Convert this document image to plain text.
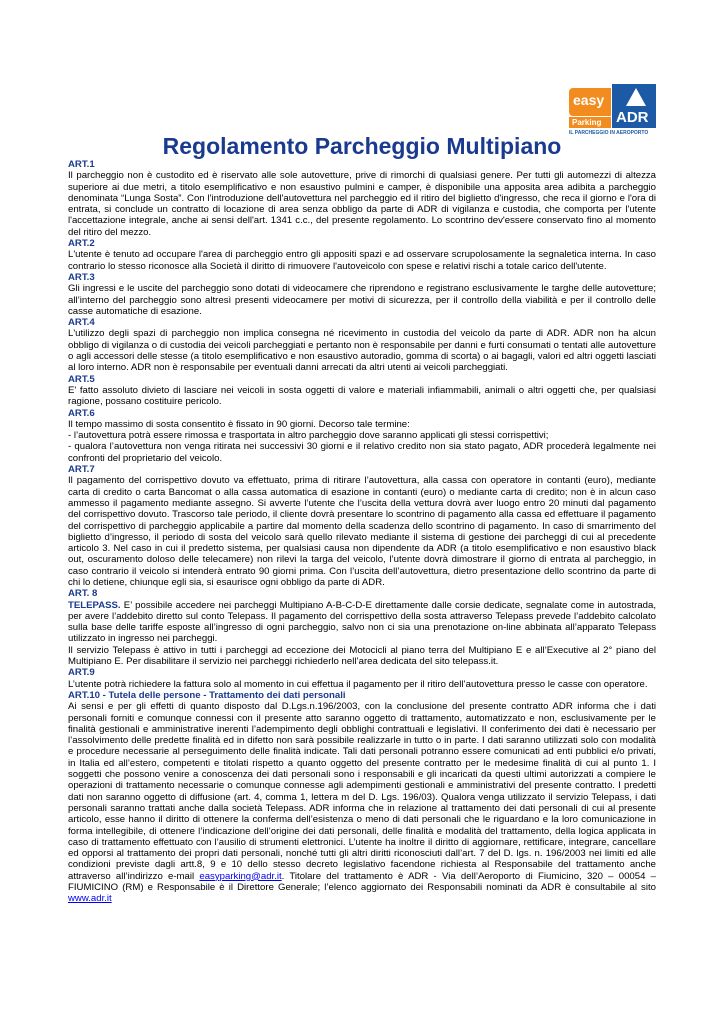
easy
Parking ADR
IL PARCHEGGIO IN AEROPORTO
Regolamento Parcheggio Multipiano

ART.1

Il parcheggio non è custodito ed è riservato alle sole autovetture, prive di rimorchi di qualsiasi genere. Per tutti gli automezzi di altezza superiore ai due metri, a titolo esemplificativo e non esaustivo pulmini e camper, è disponibile una apposita area adibita a parcheggio denominata “Lunga Sosta”. Con l'introduzione dell'autovettura nel parcheggio ed il ritiro del biglietto d'ingresso, che reca il giorno e l'ora di entrata, si conclude un contratto di locazione di area senza obbligo da parte di ADR di vigilanza e custodia, che comporta per l'utente l'accettazione integrale, anche ai sensi dell'art. 1341 c.c., del presente regolamento. Lo scontrino dev'essere conservato fino al momento del ritiro del mezzo.

ART.2

L'utente è tenuto ad occupare l'area di parcheggio entro gli appositi spazi e ad osservare scrupolosamente la segnaletica interna. In caso contrario lo stesso riconosce alla Società il diritto di rimuovere l'autoveicolo con spese e relativi rischi a totale carico dell'utente.

ART.3

Gli ingressi e le uscite del parcheggio sono dotati di videocamere che riprendono e registrano esclusivamente le targhe delle autovetture; all’interno del parcheggio sono altresì presenti videocamere per motivi di sicurezza, per il controllo della viabilità e per il controllo delle casse automatiche di esazione.

ART.4

L'utilizzo degli spazi di parcheggio non implica consegna né ricevimento in custodia del veicolo da parte di ADR. ADR non ha alcun obbligo di vigilanza o di custodia dei veicoli parcheggiati e pertanto non è responsabile per danni e furti consumati o tentati alle autovetture o agli accessori delle stesse (a titolo esemplificativo e non esaustivo autoradio, gomma di scorta) o ai bagagli, valori ed altri oggetti lasciati al loro interno. ADR non è responsabile per eventuali danni arrecati da altri utenti ai veicoli parcheggiati.

ART.5

E' fatto assoluto divieto di lasciare nei veicoli in sosta oggetti di valore e materiali infiammabili, animali o altri oggetti che, per qualsiasi ragione, possano costituire pericolo.

ART.6

Il tempo massimo di sosta consentito è fissato in 90 giorni. Decorso tale termine:

- l’autovettura potrà essere rimossa e trasportata in altro parcheggio dove saranno applicati gli stessi corrispettivi;

- qualora l’autovettura non venga ritirata nei successivi 30 giorni e il relativo credito non sia stato pagato, ADR procederà legalmente nei confronti del proprietario del veicolo.

ART.7

Il pagamento del corrispettivo dovuto va effettuato, prima di ritirare l’autovettura, alla cassa con operatore in contanti (euro), mediante carta di credito o carta Bancomat o alla cassa automatica di esazione in contanti (euro) o mediante carta di credito; non è in alcun caso ammesso il pagamento mediante assegno. Si avverte l’utente che l’uscita della vettura dovrà aver luogo entro 20 minuti dal pagamento del corrispettivo dovuto. Trascorso tale periodo, il cliente dovrà presentare lo scontrino di pagamento alla cassa ed effettuare il pagamento del corrispettivo di parcheggio applicabile a partire dal momento della scadenza dello scontrino di pagamento. In caso di smarrimento del biglietto d’ingresso, il periodo di sosta del veicolo sarà quello rilevato mediante il sistema di gestione dei parcheggi di cui al precedente articolo 3. Nel caso in cui il predetto sistema, per qualsiasi causa non dipendente da ADR (a titolo esemplificativo e non esaustivo black out, oscuramento doloso delle telecamere) non rilevi la targa del veicolo, l’utente dovrà dimostrare il giorno di entrata al parcheggio, in caso contrario il veicolo si intenderà entrato 90 giorni prima. Con l’uscita dell’autovettura, dietro presentazione dello scontrino da parte di chi lo detiene, chiunque egli sia, si esaurisce ogni obbligo da parte di ADR.

ART. 8

TELEPASS. E’ possibile accedere nei parcheggi Multipiano A-B-C-D-E direttamente dalle corsie dedicate, segnalate come in autostrada, per avere l’addebito diretto sul conto Telepass. Il pagamento del corrispettivo della sosta attraverso Telepass prevede l’addebito calcolato sulla base delle tariffe esposte all’ingresso di ogni parcheggio, salvo non ci sia una prenotazione on-line abbinata all’apparato Telepass utilizzato in ingresso nei parcheggi.

Il servizio Telepass è attivo in tutti i parcheggi ad eccezione dei Motocicli al piano terra del Multipiano E e all’Executive al 2° piano del Multipiano E. Per disabilitare il servizio nei parcheggi richiederlo nell’area dedicata del sito telepass.it.

ART.9

L’utente potrà richiedere la fattura solo al momento in cui effettua il pagamento per il ritiro dell’autovettura presso le casse con operatore.

ART.10 - Tutela delle persone - Trattamento dei dati personali

Ai sensi e per gli effetti di quanto disposto dal D.Lgs.n.196/2003, con la conclusione del presente contratto ADR informa che i dati personali forniti e comunque connessi con il presente atto saranno oggetto di trattamento, automatizzato e non, esclusivamente per le finalità gestionali e amministrative inerenti l’adempimento degli obblighi contrattuali e legislativi. Il conferimento dei dati è necessario per l’assolvimento delle predette finalità ed in difetto non sarà possibile realizzarle in tutto o in parte. I dati saranno utilizzati solo con modalità e procedure necessarie al perseguimento delle finalità indicate. Tali dati personali potranno essere comunicati ad enti pubblici e/o privati, in Italia ed all’estero, competenti e titolati rispetto a quanto oggetto del presente contratto per le medesime finalità di cui al punto 1. I soggetti che possono venire a conoscenza dei dati personali sono i responsabili e gli incaricati da questi ultimi autorizzati a compiere le operazioni di trattamento necessarie o comunque connesse agli adempimenti gestionali e amministrativi del presente contratto. I predetti dati non saranno oggetto di diffusione (art. 4, comma 1, lettera m del D. Lgs. 196/03). Qualora venga utilizzato il servizio Telepass, i dati personali saranno trattati anche dalla società Telepass. ADR informa che in relazione al trattamento dei dati personali di cui al presente articolo, esse hanno il diritto di ottenere la conferma dell’esistenza o meno di dati personali che le riguardano e la loro comunicazione in forma intellegibile, di ottenere l’indicazione dell’origine dei dati personali, delle finalità e modalità del trattamento, della logica applicata in caso di trattamento effettuato con l’ausilio di strumenti elettronici. L’utente ha inoltre il diritto di aggiornare, rettificare, integrare, cancellare ed opporsi al trattamento dei propri dati personali, nonché tutti gli altri diritti riconosciuti dall’art. 7 del D. lgs. n. 196/2003 nei limiti ed alle condizioni previste dagli artt.8, 9 e 10 dello stesso decreto legislativo facendone richiesta al Responsabile del trattamento anche attraverso all’indirizzo e-mail easyparking@adr.it. Titolare del trattamento è ADR - Via dell’Aeroporto di Fiumicino, 320 – 00054 – FIUMICINO (RM) e Responsabile è il Direttore Generale; l’elenco aggiornato dei Responsabili nominati da ADR è consultabile al sito www.adr.it
